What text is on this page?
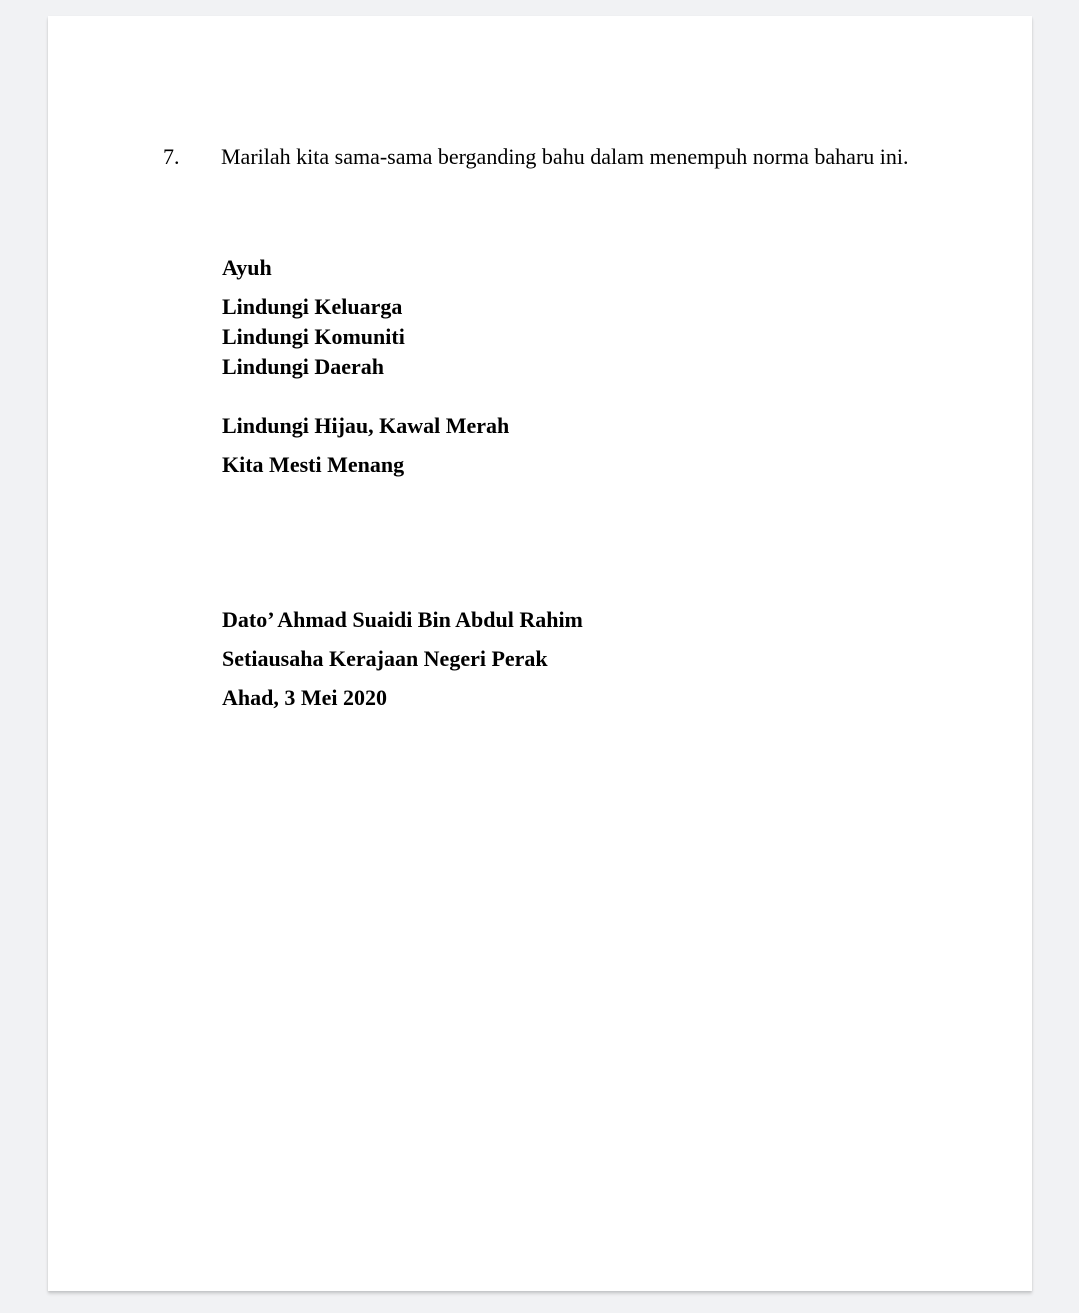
7. Marilah kita sama-sama berganding bahu dalam menempuh norma baharu ini.
Ayuh
Lindungi Keluarga
Lindungi Komuniti
Lindungi Daerah
Lindungi Hijau, Kawal Merah
Kita Mesti Menang
Dato’ Ahmad Suaidi Bin Abdul Rahim
Setiausaha Kerajaan Negeri Perak
Ahad, 3 Mei 2020
